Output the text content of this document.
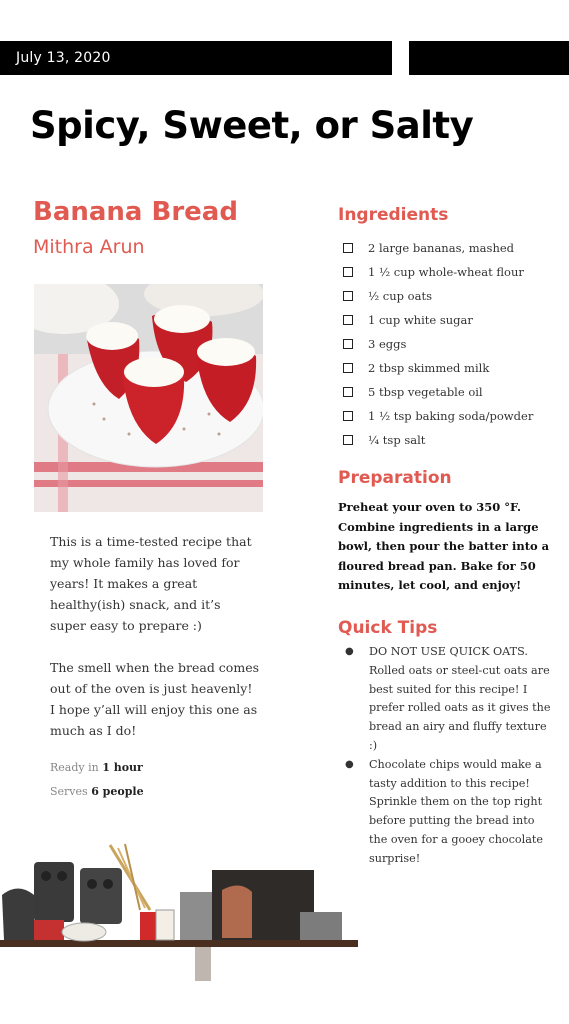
July 13, 2020
Spicy, Sweet, or Salty
Banana Bread
Mithra Arun

This is a time-tested recipe that my whole family has loved for years! It makes a great healthy(ish) snack, and it’s super easy to prepare :)

The smell when the bread comes out of the oven is just heavenly! I hope y’all will enjoy this one as much as I do!

Ready in 1 hour
Serves 6 people
Ingredients
2 large bananas, mashed
1 ½ cup whole-wheat flour
½ cup oats
1 cup white sugar
3 eggs
2 tbsp skimmed milk
5 tbsp vegetable oil
1 ½ tsp baking soda/powder
¼ tsp salt
Preparation

Preheat your oven to 350 °F. Combine ingredients in a large bowl, then pour the batter into a floured bread pan. Bake for 50 minutes, let cool, and enjoy!

Quick Tips
●	DO NOT USE QUICK OATS. Rolled oats or steel-cut oats are best suited for this recipe! I prefer rolled oats as it gives the bread an airy and fluffy texture :)
●	Chocolate chips would make a tasty addition to this recipe! Sprinkle them on the top right before putting the bread into the oven for a gooey chocolate surprise!
